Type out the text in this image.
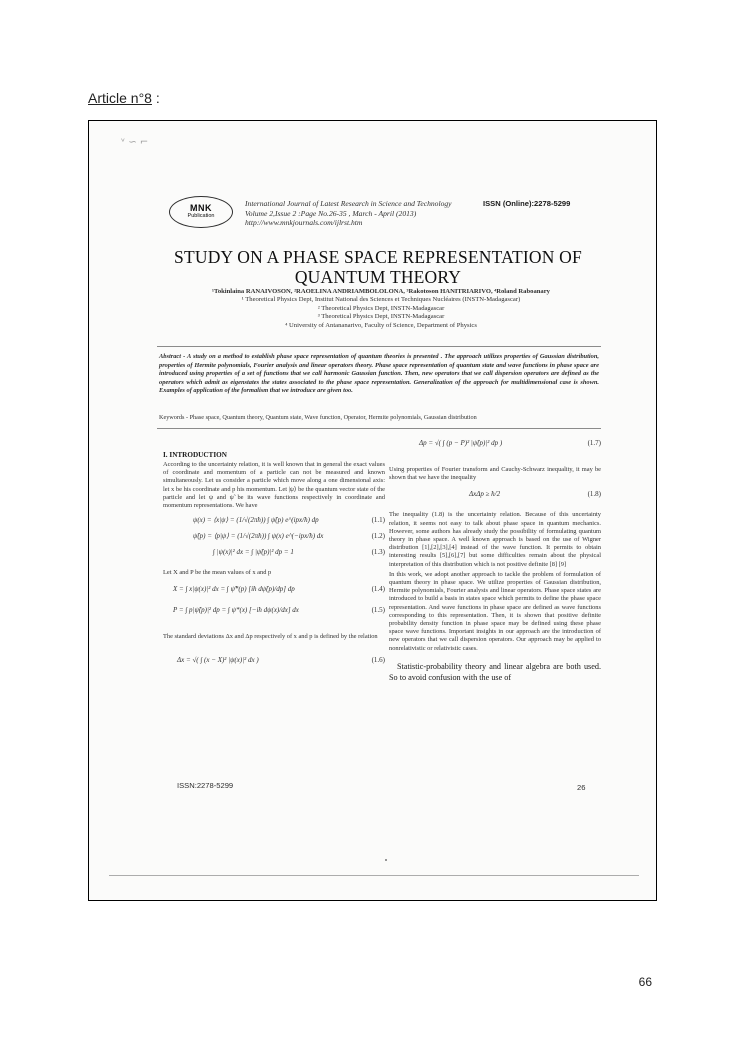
Article n°8 :
ᵛ ∽ ⌐
MNK
Publication
International Journal of Latest Research in Science and Technology
Volume 2,Issue 2 :Page No.26-35 , March - April (2013)
http://www.mnkjournals.com/ijlrst.htm
ISSN (Online):2278-5299
STUDY ON A PHASE SPACE REPRESENTATION OF
QUANTUM THEORY
¹Tokinlaina RANAIVOSON, ²RAOELINA ANDRIAMBOLOLONA, ³Rakotoson HANITRIARIVO, ⁴Roland Raboanary
¹ Theoretical Physics Dept, Institut National des Sciences et Techniques Nucléaires (INSTN-Madagascar)
² Theoretical Physics Dept, INSTN-Madagascar
³ Theoretical Physics Dept, INSTN-Madagascar
⁴ University of Antananarivo, Faculty of Science, Department of Physics
Abstract - A study on a method to establish phase space representation of quantum theories is presented . The approach utilizes properties of Gaussian distribution, properties of Hermite polynomials, Fourier analysis and linear operators theory. Phase space representation of quantum state and wave functions in phase space are introduced using properties of a set of functions that we call harmonic Gaussian function. Then, new operators that we call dispersion operators are defined as the operators which admit as eigenstates the states associated to the phase space representation. Generalization of the approach for multidimensional case is shown. Examples of application of the formalism that we introduce are given too.
Keywords - Phase space, Quantum theory, Quantum state, Wave function, Operator, Hermite polynomials, Gaussian distribution
I. INTRODUCTION
According to the uncertainty relation, it is well known that in general the exact values of coordinate and momentum of a particle can not be measured and known simultaneously. Let us consider a particle which move along a one dimensional axis: let x be his coordinate and p his momentum. Let |ψ⟩ be the quantum vector state of the particle and let ψ and ψ̃ be its wave functions respectively in coordinate and momentum representations. We have
ψ(x) = ⟨x|ψ⟩ = (1/√(2πħ)) ∫ ψ̃(p) e^(ipx/ħ) dp	(1.1)
ψ̃(p) = ⟨p|ψ⟩ = (1/√(2πħ)) ∫ ψ(x) e^(−ipx/ħ) dx	(1.2)
∫ |ψ(x)|² dx = ∫ |ψ̃(p)|² dp = 1	(1.3)
Let X and P be the mean values of x and p
X = ∫ x|ψ(x)|² dx = ∫ ψ̃*(p) [iħ dψ̃(p)/dp] dp	(1.4)
P = ∫ p|ψ̃(p)|² dp = ∫ ψ*(x) [−iħ dψ(x)/dx] dx	(1.5)
The standard deviations Δx and Δp respectively of x and p is defined by the relation
Δx = √( ∫ (x − X)² |ψ(x)|² dx )	(1.6)
Δp = √( ∫ (p − P)² |ψ̃(p)|² dp )	(1.7)
Using properties of Fourier transform and Cauchy-Schwarz inequality, it may be shown that we have the inequality
ΔxΔp ≥ ħ/2	(1.8)
The inequality (1.8) is the uncertainty relation. Because of this uncertainty relation, it seems not easy to talk about phase space in quantum mechanics. However, some authors has already study the possibility of formulating quantum theory in phase space. A well known approach is based on the use of Wigner distribution [1],[2],[3],[4] instead of the wave function. It permits to obtain interesting results [5],[6],[7] but some difficulties remain about the physical interpretation of this distribution which is not positive definite [8] [9]
In this work, we adopt another approach to tackle the problem of formulation of quantum theory in phase space. We utilize properties of Gaussian distribution, Hermite polynomials, Fourier analysis and linear operators. Phase space states are introduced to build a basis in states space which permits to define the phase space representation. And wave functions in phase space are defined as wave functions corresponding to this representation. Then, it is shown that positive definite probability density function in phase space may be defined using these phase space wave functions. Important insights in our approach are the introduction of new operators that we call dispersion operators. Our approach may be applied to nonrelativistic or relativistic cases.
Statistic-probability theory and linear algebra are both used. So to avoid confusion with the use of
ISSN:2278-5299	26
66
